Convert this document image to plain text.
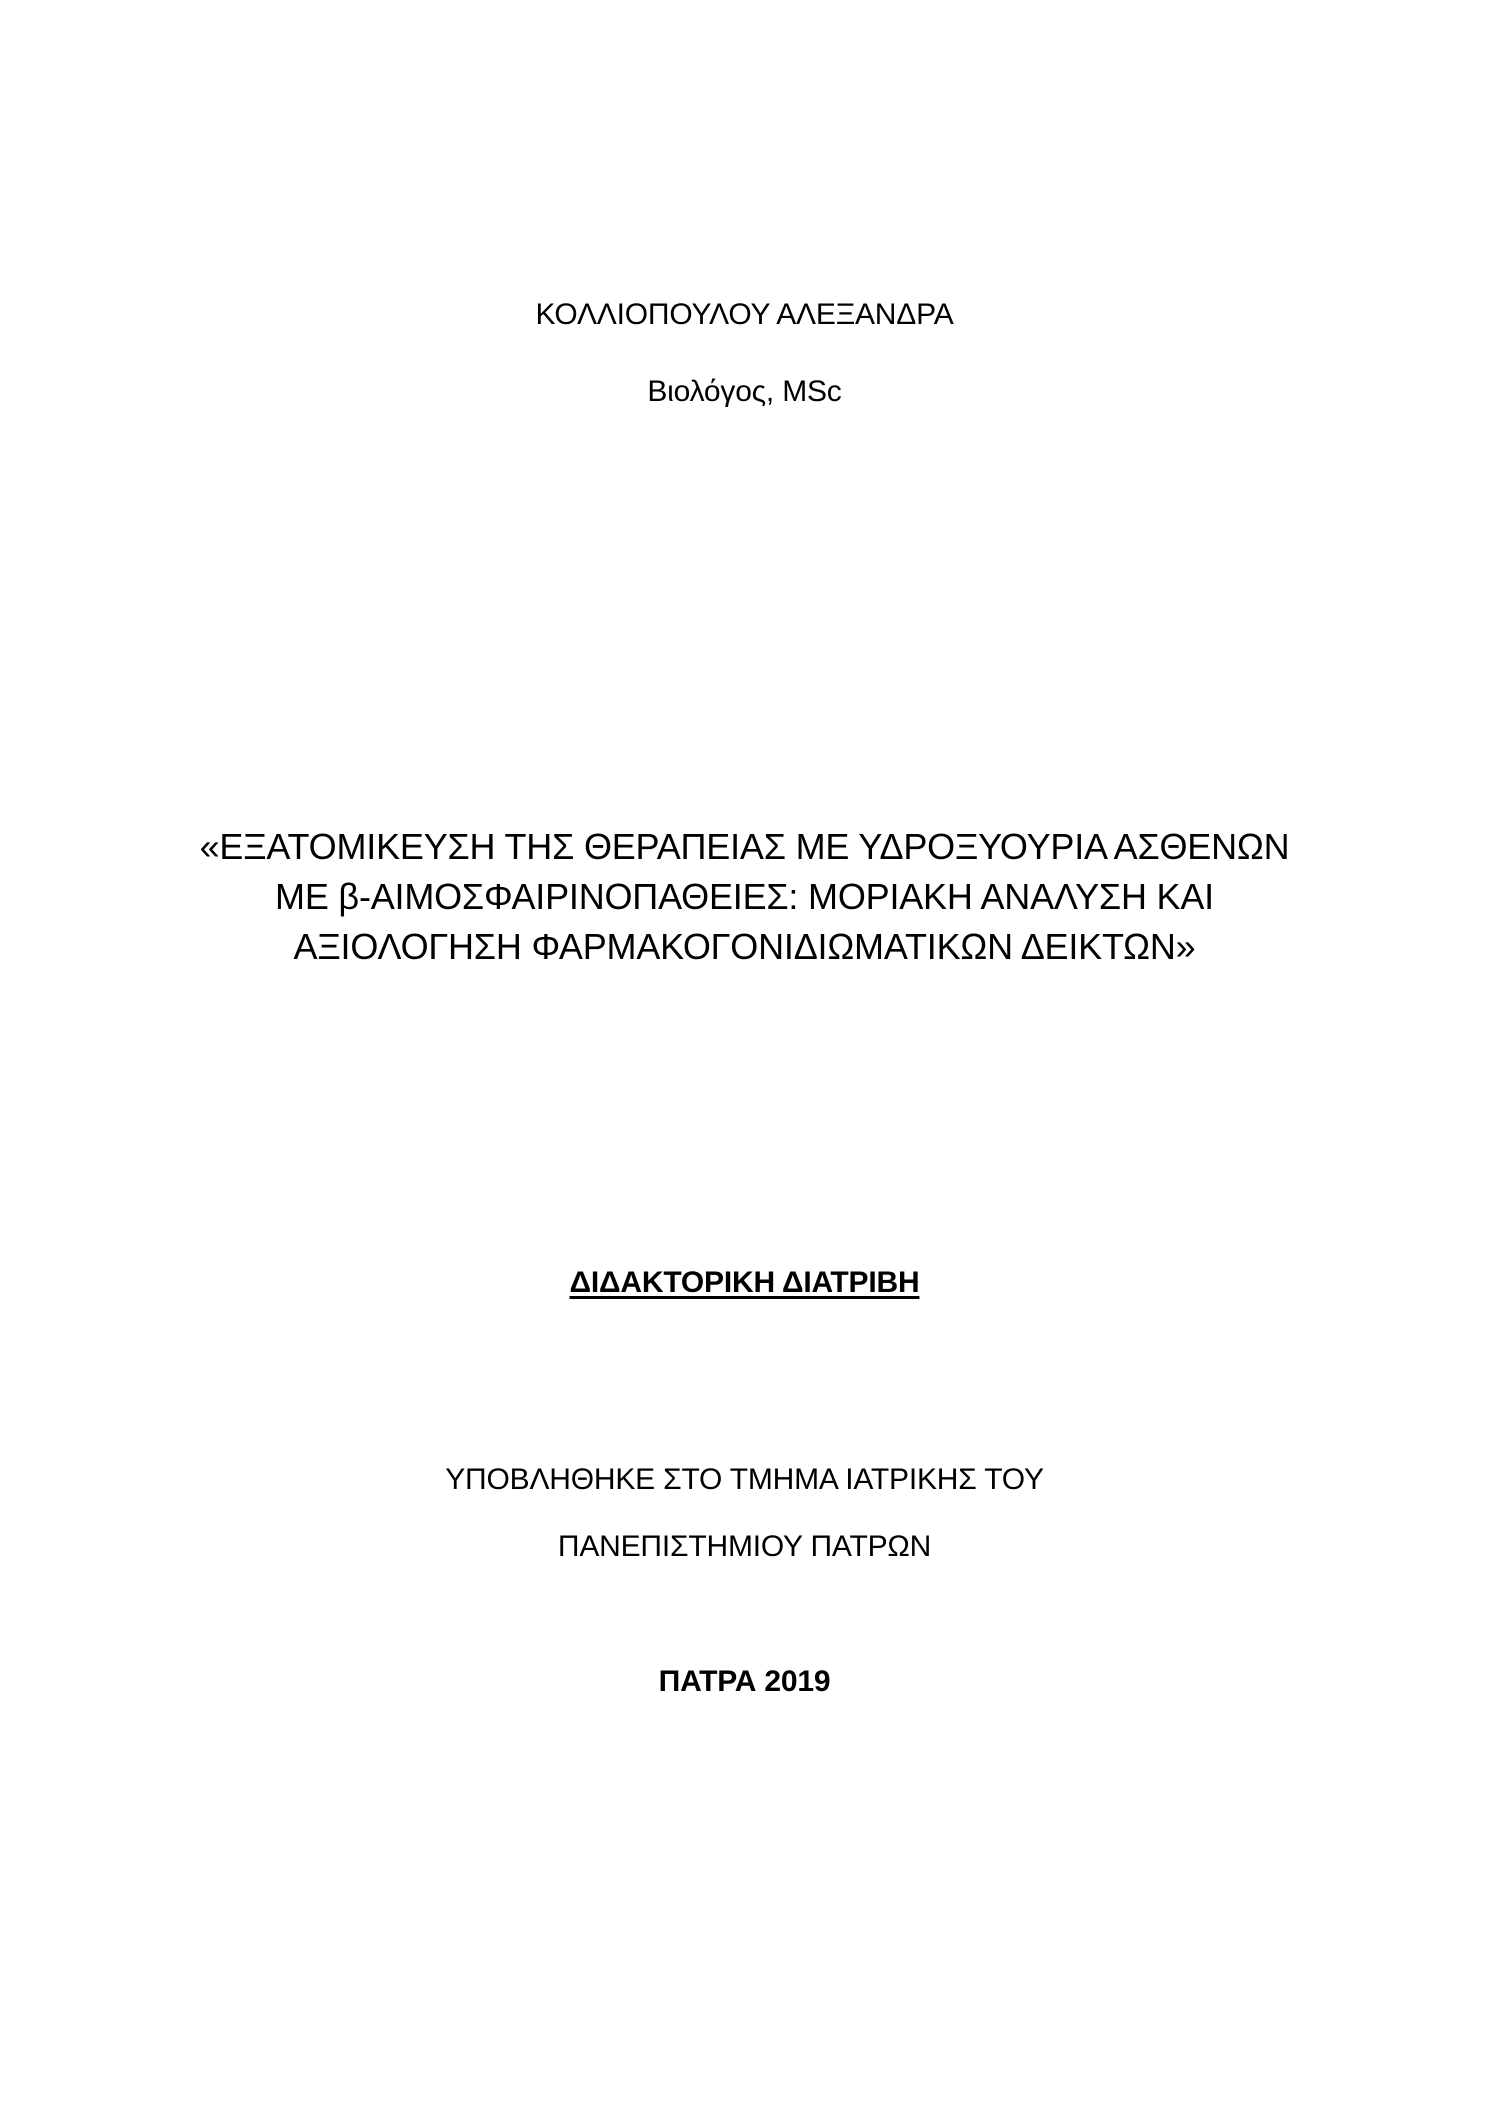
ΚΟΛΛΙΟΠΟΥΛΟΥ ΑΛΕΞΑΝΔΡΑ
Βιολόγος, MSc
«ΕΞΑΤΟΜΙΚΕΥΣΗ ΤΗΣ ΘΕΡΑΠΕΙΑΣ ΜΕ ΥΔΡΟΞΥΟΥΡΙΑ ΑΣΘΕΝΩΝ
ΜΕ β-ΑΙΜΟΣΦΑΙΡΙΝΟΠΑΘΕΙΕΣ: ΜΟΡΙΑΚΗ ΑΝΑΛΥΣΗ ΚΑΙ
ΑΞΙΟΛΟΓΗΣΗ ΦΑΡΜΑΚΟΓΟΝΙΔΙΩΜΑΤΙΚΩΝ ΔΕΙΚΤΩΝ»
ΔΙΔΑΚΤΟΡΙΚΗ ΔΙΑΤΡΙΒΗ
ΥΠΟΒΛΗΘΗΚΕ ΣΤΟ ΤΜΗΜΑ ΙΑΤΡΙΚΗΣ ΤΟΥ
ΠΑΝΕΠΙΣΤΗΜΙΟΥ ΠΑΤΡΩΝ
ΠΑΤΡΑ 2019
